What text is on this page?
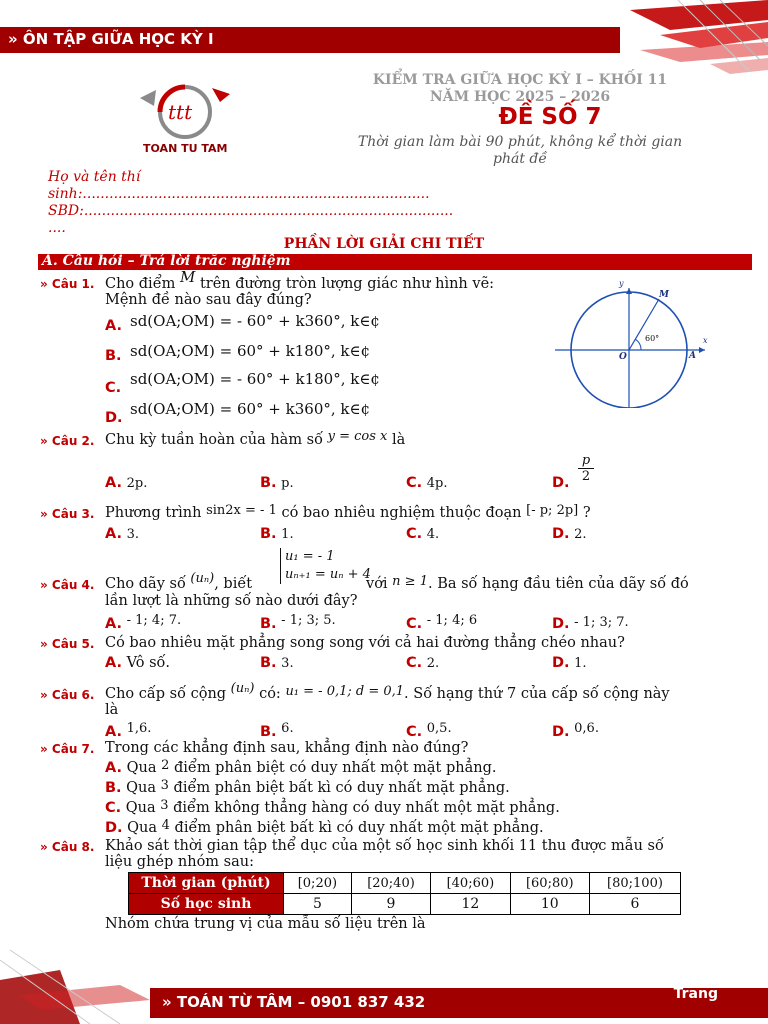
» ÔN TẬP GIỮA HỌC KỲ I
ttt
TOAN TU TAM
KIỂM TRA GIỮA HỌC KỲ I – KHỐI 11
NĂM HỌC 2025 – 2026
ĐỀ SỐ 7
Thời gian làm bài 90 phút, không kể thời gian
phát đề
Họ và tên thí
sinh:..............................................................................
SBD:...................................................................................
....
PHẦN LỜI GIẢI CHI TIẾT
A. Câu hỏi – Trả lời trắc nghiệm
» Câu 1. Cho điểm M trên đường tròn lượng giác như hình vẽ:
Mệnh đề nào sau đây đúng?
A. sd(OA;OM) = - 60° + k360°, k∈¢
B. sd(OA;OM) = 60° + k180°, k∈¢
C. sd(OA;OM) = - 60° + k180°, k∈¢
D. sd(OA;OM) = 60° + k360°, k∈¢
60°
M
O	A
x
y
» Câu 2. Chu kỳ tuần hoàn của hàm số y = cos x là
A. 2p.	B. p.	C. 4p.	D. $\frac{p}{2}$
» Câu 3. Phương trình sin2x = - 1 có bao nhiêu nghiệm thuộc đoạn [- p; 2p] ?
A. 3.	B. 1.	C. 4.	D. 2.
u₁ = - 1
uₙ₊₁ = uₙ + 4
» Câu 4. Cho dãy số (uₙ), biết	với n ≥ 1. Ba số hạng đầu tiên của dãy số đó
lần lượt là những số nào dưới đây?
A. - 1; 4; 7.	B. - 1; 3; 5.	C. - 1; 4; 6	D. - 1; 3; 7.
» Câu 5. Có bao nhiêu mặt phẳng song song với cả hai đường thẳng chéo nhau?
A. Vô số.	B. 3.	C. 2.	D. 1.
» Câu 6. Cho cấp số cộng (uₙ) có: u₁ = - 0,1; d = 0,1. Số hạng thứ 7 của cấp số cộng này
là
A. 1,6.	B. 6.	C. 0,5.	D. 0,6.
» Câu 7. Trong các khẳng định sau, khẳng định nào đúng?
A. Qua 2 điểm phân biệt có duy nhất một mặt phẳng.
B. Qua 3 điểm phân biệt bất kì có duy nhất mặt phẳng.
C. Qua 3 điểm không thẳng hàng có duy nhất một mặt phẳng.
D. Qua 4 điểm phân biệt bất kì có duy nhất một mặt phẳng.
» Câu 8. Khảo sát thời gian tập thể dục của một số học sinh khối 11 thu được mẫu số
liệu ghép nhóm sau:
Thời gian (phút)	[0;20)	[20;40)	[40;60)	[60;80)	[80;100)
Số học sinh	5	9	12	10	6
Nhóm chứa trung vị của mẫu số liệu trên là
» TOÁN TỪ TÂM – 0901 837 432	Trang
